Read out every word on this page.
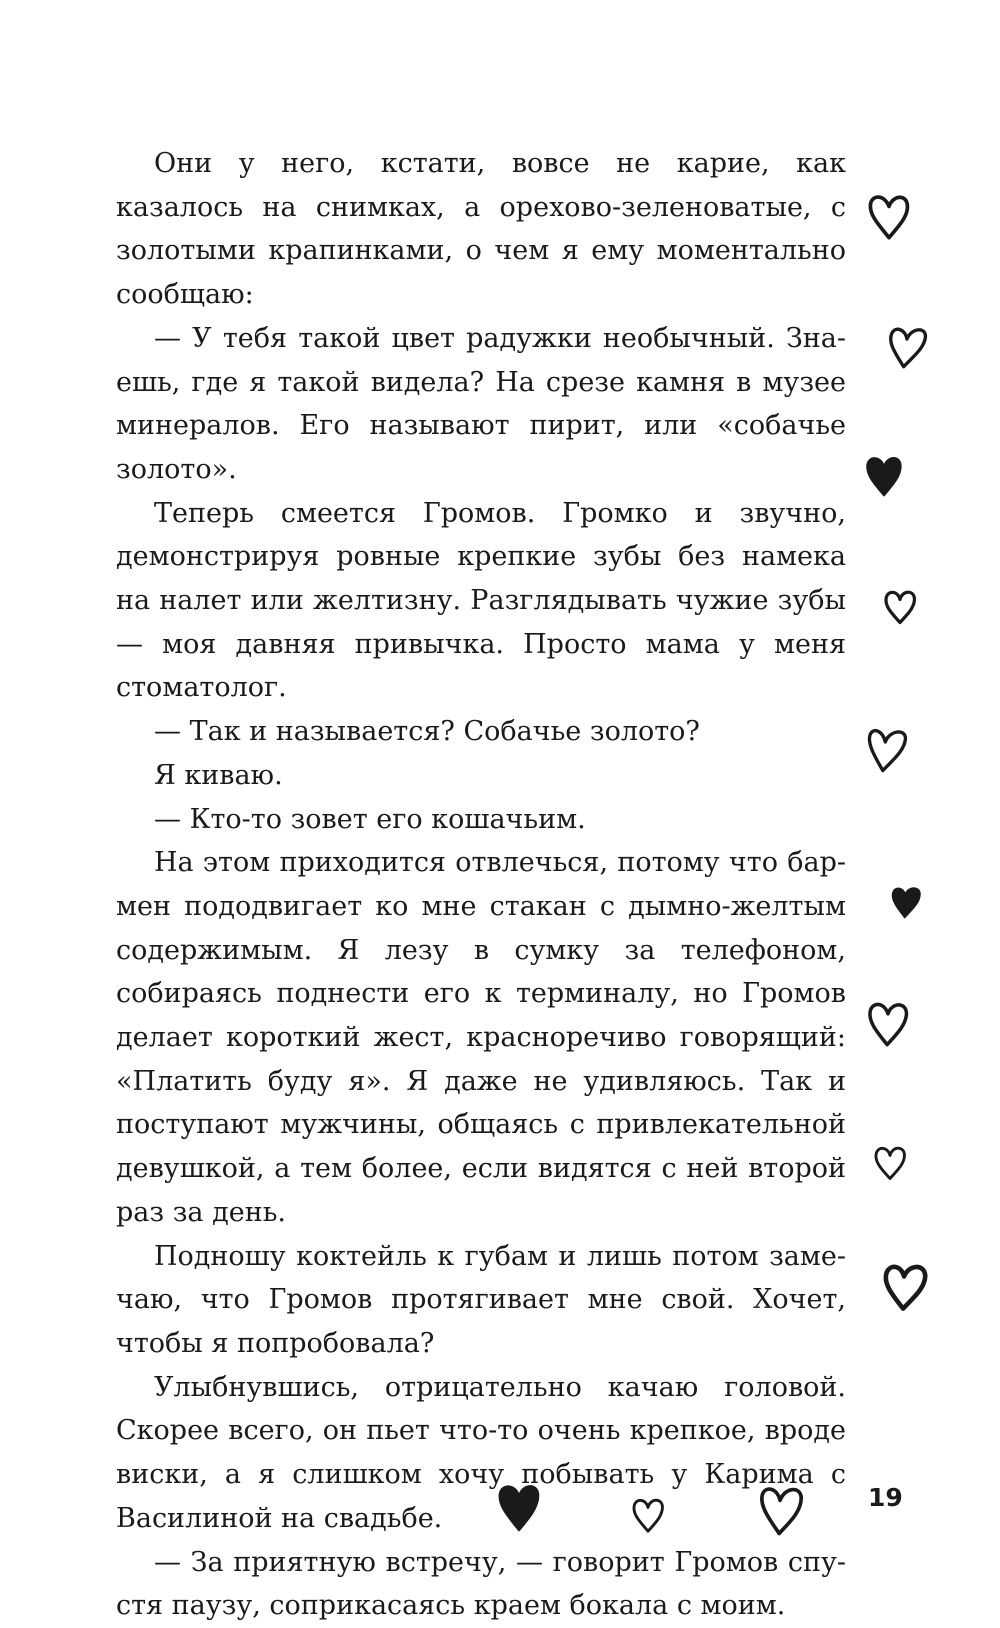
Они у него, кстати, вовсе не карие, как казалось на снимках, а орехово-зеленоватые, с золотыми крапинками, о чем я ему моментально сообщаю:

— У тебя такой цвет радужки необычный. Знаешь, где я такой видела? На срезе камня в музее минералов. Его называют пирит, или «собачье золото».

Теперь смеется Громов. Громко и звучно, демонстрируя ровные крепкие зубы без намека на налет или желтизну. Разглядывать чужие зубы — моя давняя привычка. Просто мама у меня стоматолог.

— Так и называется? Собачье золото?

Я киваю.

— Кто-то зовет его кошачьим.

На этом приходится отвлечься, потому что бармен пододвигает ко мне стакан с дымно-желтым содержимым. Я лезу в сумку за телефоном, собираясь поднести его к терминалу, но Громов делает короткий жест, красноречиво говорящий: «Платить буду я». Я даже не удивляюсь. Так и поступают мужчины, общаясь с привлекательной девушкой, а тем более, если видятся с ней второй раз за день.

Подношу коктейль к губам и лишь потом замечаю, что Громов протягивает мне свой. Хочет, чтобы я попробовала?

Улыбнувшись, отрицательно качаю головой. Скорее всего, он пьет что-то очень крепкое, вроде виски, а я слишком хочу побывать у Карима с Василиной на свадьбе.

— За приятную встречу, — говорит Громов спустя паузу, соприкасаясь краем бокала с моим.

19
